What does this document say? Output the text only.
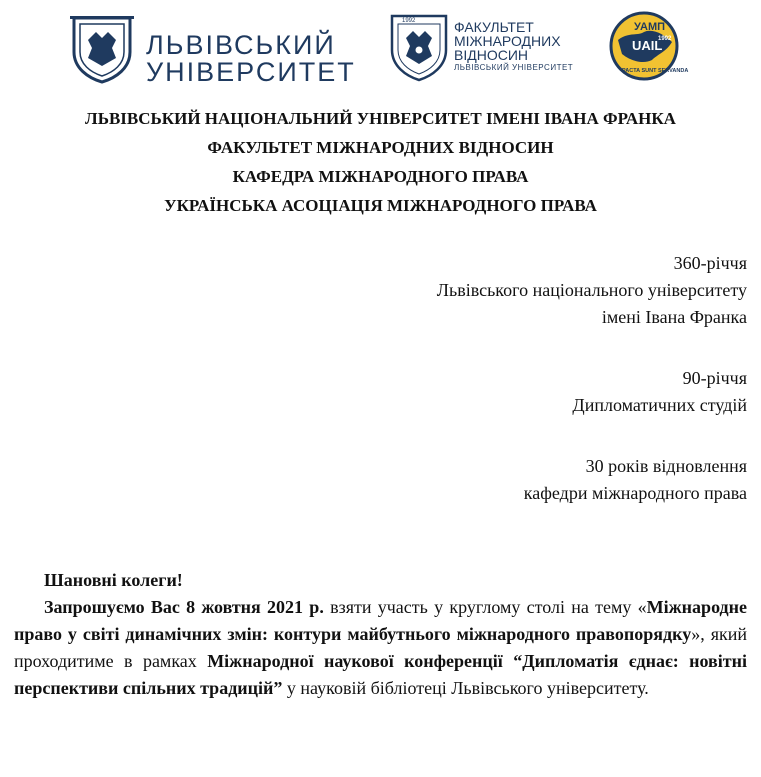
ЛЬВІВСЬКИЙ
УНІВЕРСИТЕТ
1992	ФАКУЛЬТЕТ
МІЖНАРОДНИХ
ВІДНОСИН
ЛЬВІВСЬКИЙ УНІВЕРСИТЕТ
УАМП
UAIL
1992
PACTA SUNT SERVANDA
ЛЬВІВСЬКИЙ НАЦІОНАЛЬНИЙ УНІВЕРСИТЕТ ІМЕНІ ІВАНА ФРАНКА
ФАКУЛЬТЕТ МІЖНАРОДНИХ ВІДНОСИН
КАФЕДРА МІЖНАРОДНОГО ПРАВА
УКРАЇНСЬКА АСОЦІАЦІЯ МІЖНАРОДНОГО ПРАВА
360-річчя
Львівського національного університету
імені Івана Франка
90-річчя
Дипломатичних студій
30 років відновлення
кафедри міжнародного права
Шановні колеги!

Запрошуємо Вас 8 жовтня 2021 р. взяти участь у круглому столі на тему «Міжнародне право у світі динамічних змін: контури майбутнього міжнародного правопорядку», який проходитиме в рамках Міжнародної наукової конференції “Дипломатія єднає: новітні перспективи спільних традицій” у науковій бібліотеці Львівського університету.
